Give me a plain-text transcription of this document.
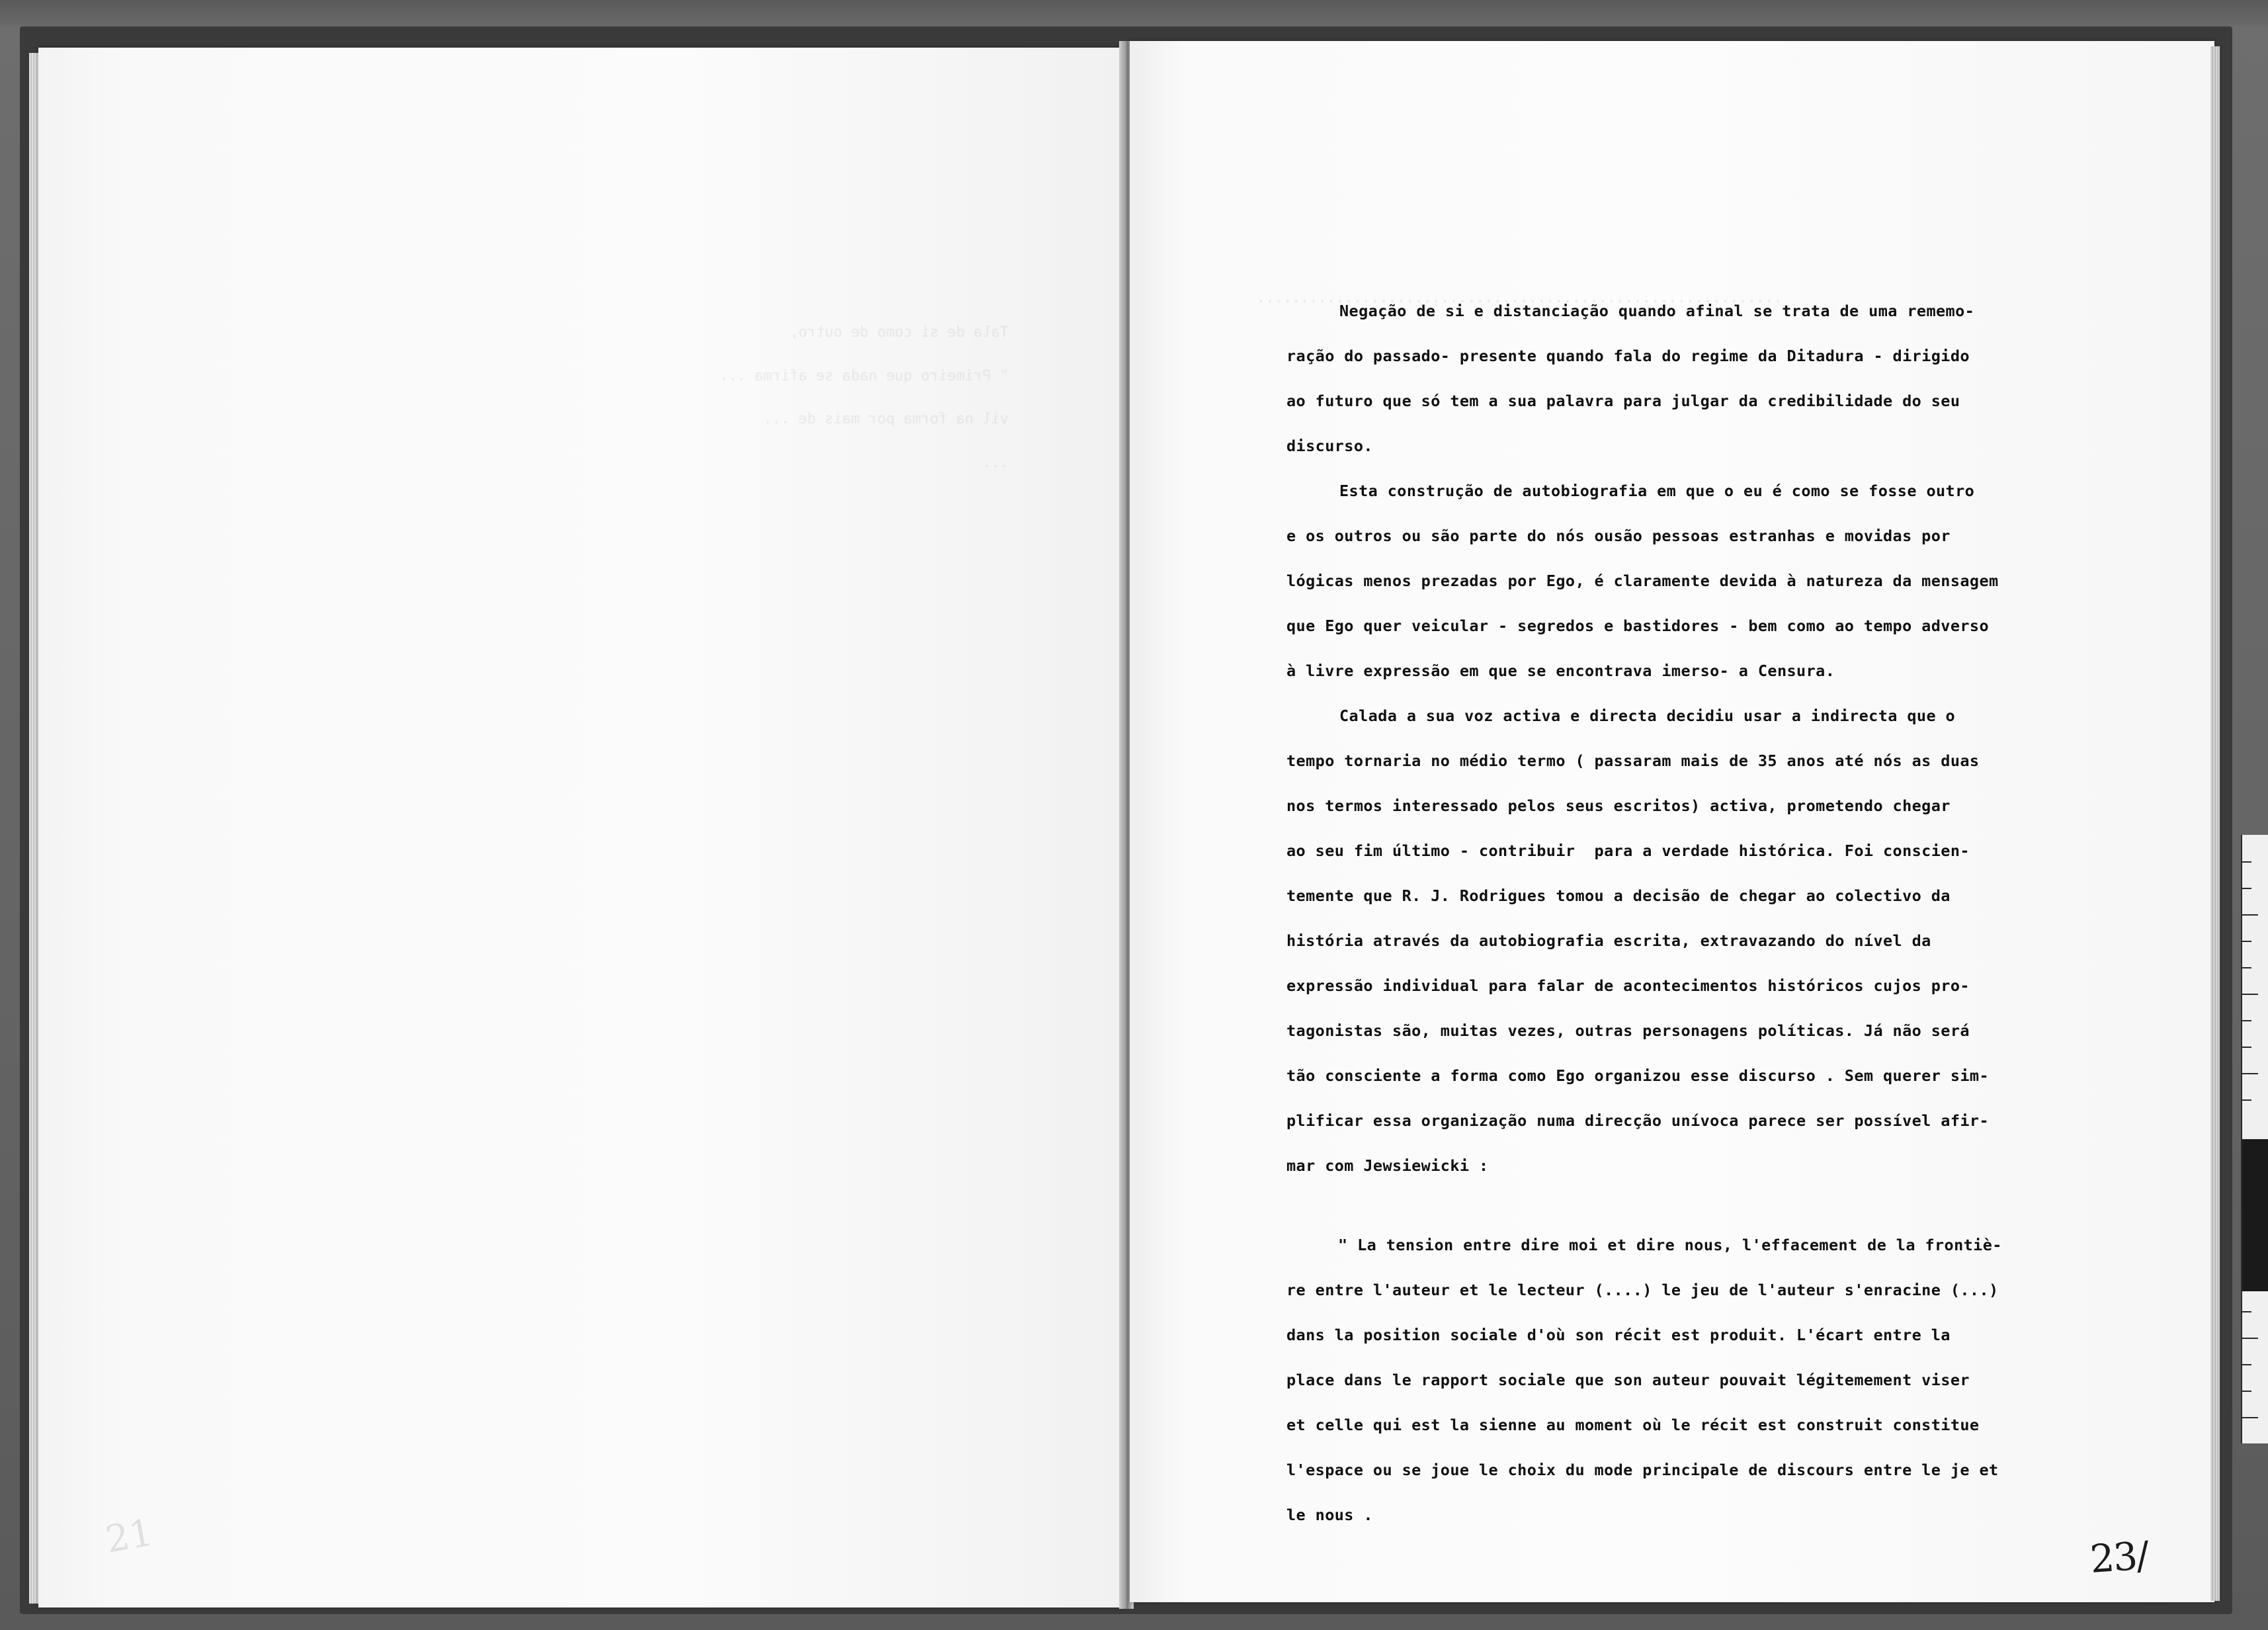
Tala de si como de outro,
" Primeiro que nada se afirma ...
vil na forma por mais de ...
...

21
............................................................
Negação de si e distanciação quando afinal se trata de uma rememo-
ração do passado- presente quando fala do regime da Ditadura - dirigido
ao futuro que só tem a sua palavra para julgar da credibilidade do seu
discurso.
Esta construção de autobiografia em que o eu é como se fosse outro
e os outros ou são parte do nós ousão pessoas estranhas e movidas por
lógicas menos prezadas por Ego, é claramente devida à natureza da mensagem
que Ego quer veicular - segredos e bastidores - bem como ao tempo adverso
à livre expressão em que se encontrava imerso- a Censura.
Calada a sua voz activa e directa decidiu usar a indirecta que o
tempo tornaria no médio termo ( passaram mais de 35 anos até nós as duas
nos termos interessado pelos seus escritos) activa, prometendo chegar
ao seu fim último - contribuir  para a verdade histórica. Foi conscien-
temente que R. J. Rodrigues tomou a decisão de chegar ao colectivo da
história através da autobiografia escrita, extravazando do nível da
expressão individual para falar de acontecimentos históricos cujos pro-
tagonistas são, muitas vezes, outras personagens políticas. Já não será
tão consciente a forma como Ego organizou esse discurso . Sem querer sim-
plificar essa organização numa direcção unívoca parece ser possível afir-
mar com Jewsiewicki :
" La tension entre dire moi et dire nous, l'effacement de la frontiè-
re entre l'auteur et le lecteur (....) le jeu de l'auteur s'enracine (...)
dans la position sociale d'où son récit est produit. L'écart entre la
place dans le rapport sociale que son auteur pouvait légitemement viser
et celle qui est la sienne au moment où le récit est construit constitue
l'espace ou se joue le choix du mode principale de discours entre le je et
le nous .
23/
